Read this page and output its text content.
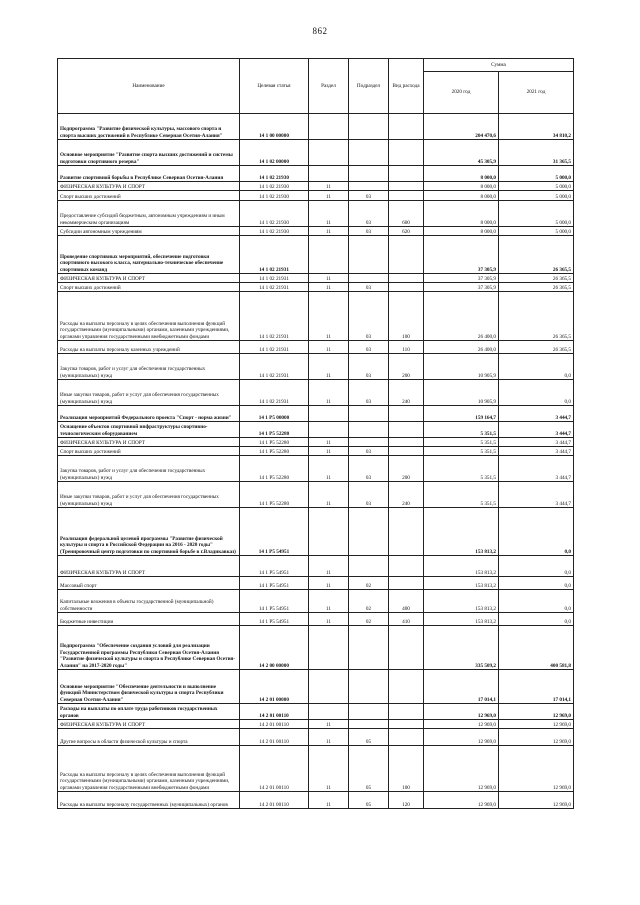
862
Наименование	Целевая статья	Раздел	Подраздел	Вид расхода	Сумма	
					2020 год	2021 год
Подпрограмма "Развитие физической культуры, массового спорта и спорта высших достижений в Республике Северная Осетия-Алания"	14 1 00 00000				204 470,6	34 810,2
Основное мероприятие "Развитие спорта высших достижений и системы подготовки спортивного резерва"	14 1 02 00000				45 305,9	31 365,5
Развитие спортивной борьбы в Республике Северная Осетия-Алания	14 1 02 21930				8 000,0	5 000,0
ФИЗИЧЕСКАЯ КУЛЬТУРА И СПОРТ	14 1 02 21930	11			8 000,0	5 000,0
Спорт высших достижений	14 1 02 21930	11	03		8 000,0	5 000,0
Предоставление субсидий бюджетным, автономным учреждениям и иным некоммерческим организациям	14 1 02 21930	11	03	600	8 000,0	5 000,0
Субсидии автономным учреждениям	14 1 02 21930	11	03	620	8 000,0	5 000,0
Проведение спортивных мероприятий, обеспечение подготовки спортивного высокого класса, материально-техническое обеспечение спортивных команд	14 1 02 21931				37 305,9	26 365,5
ФИЗИЧЕСКАЯ КУЛЬТУРА И СПОРТ	14 1 02 21931	11			37 305,9	26 365,5
Спорт высших достижений	14 1 02 21931	11	03		37 305,9	26 365,5
Расходы на выплаты персоналу в целях обеспечения выполнения функций государственными (муниципальными) органами, казенными учреждениями, органами управления государственными внебюджетными фондами	14 1 02 21931	11	03	100	26 400,0	26 365,5
Расходы на выплаты персоналу казенных учреждений	14 1 02 21931	11	03	110	26 400,0	26 365,5
Закупка товаров, работ и услуг для обеспечения государственных (муниципальных) нужд	14 1 02 21931	11	03	200	10 905,9	0,0
Иные закупки товаров, работ и услуг для обеспечения государственных (муниципальных) нужд	14 1 02 21931	11	03	240	10 905,9	0,0
Реализация мероприятий Федерального проекта "Спорт - норма жизни"	14 1 P5 00000				159 164,7	3 444,7
Оснащение объектов спортивной инфраструктуры спортивно-технологическим оборудованием	14 1 P5 52280				5 351,5	3 444,7
ФИЗИЧЕСКАЯ КУЛЬТУРА И СПОРТ	14 1 P5 52280	11			5 351,5	3 444,7
Спорт высших достижений	14 1 P5 52280	11	03		5 351,5	3 444,7
Закупка товаров, работ и услуг для обеспечения государственных (муниципальных) нужд	14 1 P5 52280	11	03	200	5 351,5	3 444,7
Иные закупки товаров, работ и услуг для обеспечения государственных (муниципальных) нужд	14 1 P5 52280	11	03	240	5 351,5	3 444,7
Реализация федеральной целевой программы "Развитие физической культуры и спорта в Российской Федерации на 2016 - 2020 годы" (Тренировочный центр подготовки по спортивной борьбе в г.Владикавказ)	14 1 P5 54951				153 813,2	0,0
ФИЗИЧЕСКАЯ КУЛЬТУРА И СПОРТ	14 1 P5 54951	11			153 813,2	0,0
Массовый спорт	14 1 P5 54951	11	02		153 813,2	0,0
Капитальные вложения в объекты государственной (муниципальной) собственности	14 1 P5 54951	11	02	400	153 813,2	0,0
Бюджетные инвестиции	14 1 P5 54951	11	02	410	153 813,2	0,0
Подпрограмма "Обеспечение создания условий для реализации Государственной программы Республики Северная Осетия-Алания "Развитие физической культуры и спорта в Республике Северная Осетия-Алания" на 2017-2020 годы"	14 2 00 00000				335 509,2	400 581,8
Основное мероприятие "Обеспечение деятельности и выполнение функций Министерством физической культуры и спорта Республики Северная Осетия-Алания"	14 2 01 00000				17 014,1	17 014,1
Расходы на выплаты по оплате труда работников государственных органов	14 2 01 00110				12 969,0	12 969,0
ФИЗИЧЕСКАЯ КУЛЬТУРА И СПОРТ	14 2 01 00110	11			12 969,0	12 969,0
Другие вопросы в области физической культуры и спорта	14 2 01 00110	11	05		12 969,0	12 969,0
Расходы на выплаты персоналу в целях обеспечения выполнения функций государственными (муниципальными) органами, казенными учреждениями, органами управления государственными внебюджетными фондами	14 2 01 00110	11	05	100	12 969,0	12 969,0
Расходы на выплаты персоналу государственных (муниципальных) органов	14 2 01 00110	11	05	120	12 969,0	12 969,0
